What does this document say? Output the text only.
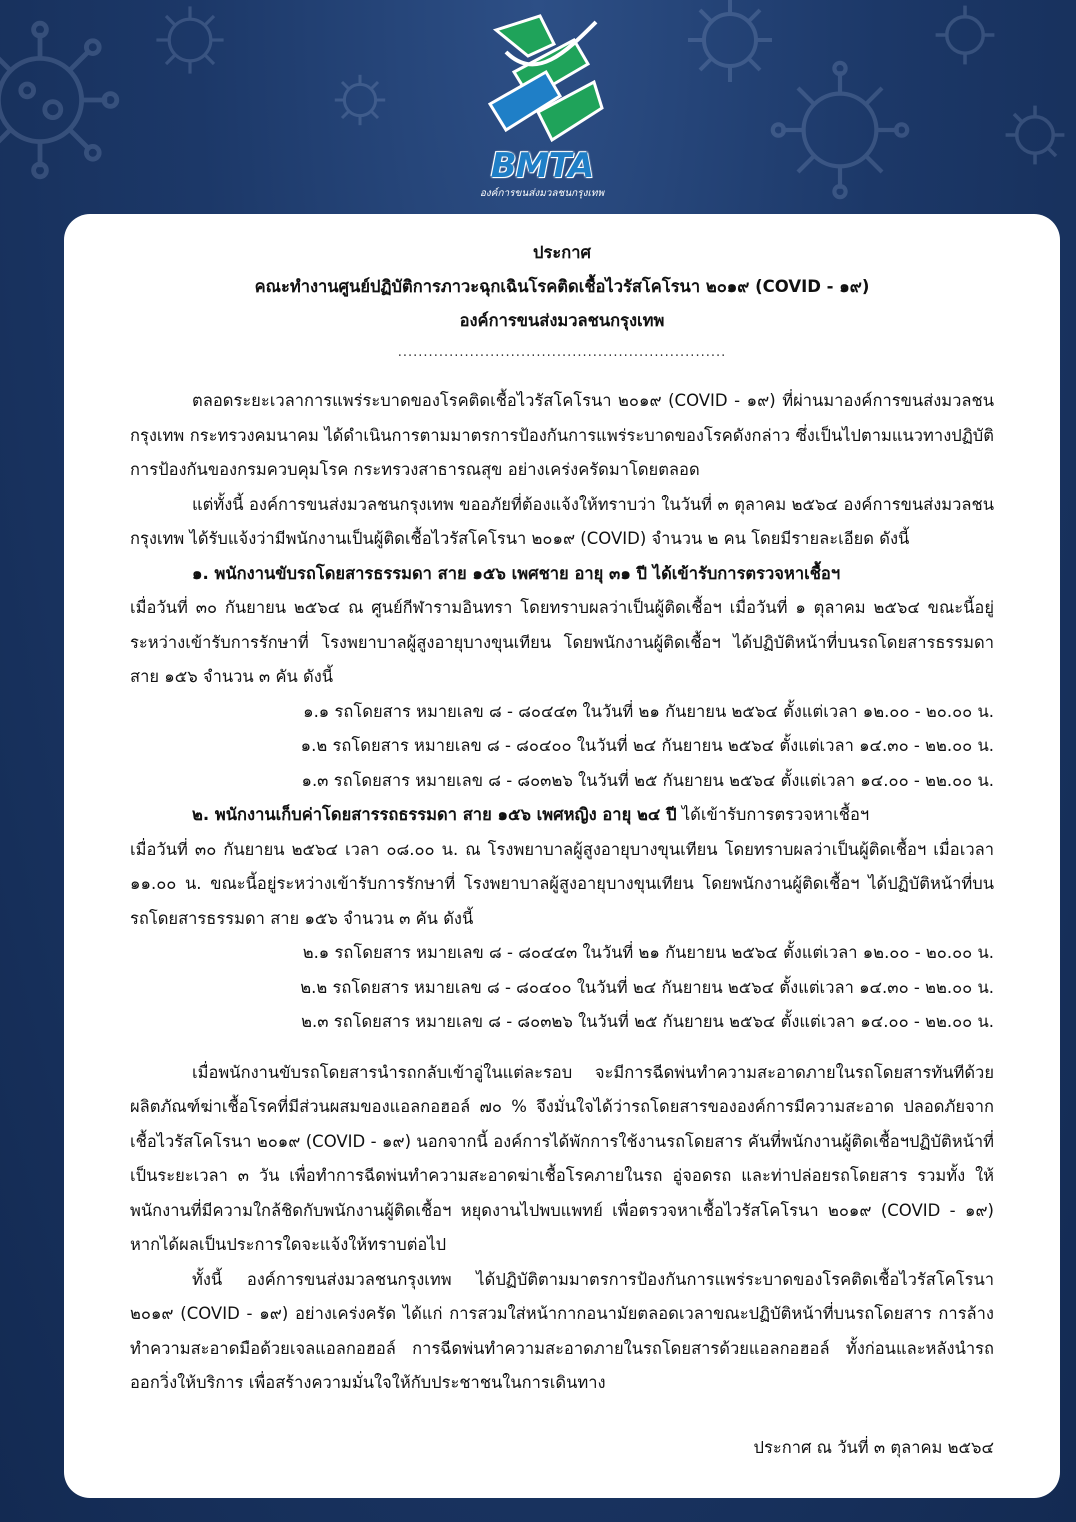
BMTA
องค์การขนส่งมวลชนกรุงเทพ
ประกาศ
คณะทำงานศูนย์ปฏิบัติการภาวะฉุกเฉินโรคติดเชื้อไวรัสโคโรนา ๒๐๑๙ (COVID - ๑๙)
องค์การขนส่งมวลชนกรุงเทพ
................................................................

ตลอดระยะเวลาการแพร่ระบาดของโรคติดเชื้อไวรัสโคโรนา ๒๐๑๙ (COVID - ๑๙) ที่ผ่านมาองค์การขนส่งมวลชนกรุงเทพ กระทรวงคมนาคม ได้ดำเนินการตามมาตรการป้องกันการแพร่ระบาดของโรคดังกล่าว ซึ่งเป็นไปตามแนวทางปฏิบัติการป้องกันของกรมควบคุมโรค กระทรวงสาธารณสุข อย่างเคร่งครัดมาโดยตลอด

แต่ทั้งนี้ องค์การขนส่งมวลชนกรุงเทพ ขออภัยที่ต้องแจ้งให้ทราบว่า ในวันที่ ๓ ตุลาคม ๒๕๖๔ องค์การขนส่งมวลชนกรุงเทพ ได้รับแจ้งว่ามีพนักงานเป็นผู้ติดเชื้อไวรัสโคโรนา ๒๐๑๙ (COVID) จำนวน ๒ คน โดยมีรายละเอียด ดังนี้

๑. พนักงานขับรถโดยสารธรรมดา สาย ๑๕๖ เพศชาย อายุ ๓๑ ปี ได้เข้ารับการตรวจหาเชื้อฯ

เมื่อวันที่ ๓๐ กันยายน ๒๕๖๔ ณ ศูนย์กีฬารามอินทรา โดยทราบผลว่าเป็นผู้ติดเชื้อฯ เมื่อวันที่ ๑ ตุลาคม ๒๕๖๔ ขณะนี้อยู่ระหว่างเข้ารับการรักษาที่ โรงพยาบาลผู้สูงอายุบางขุนเทียน โดยพนักงานผู้ติดเชื้อฯ ได้ปฏิบัติหน้าที่บนรถโดยสารธรรมดา สาย ๑๕๖ จำนวน ๓ คัน ดังนี้

๑.๑ รถโดยสาร หมายเลข ๘ - ๘๐๔๔๓ ในวันที่ ๒๑ กันยายน ๒๕๖๔ ตั้งแต่เวลา ๑๒.๐๐ - ๒๐.๐๐ น.
๑.๒ รถโดยสาร หมายเลข ๘ - ๘๐๔๐๐ ในวันที่ ๒๔ กันยายน ๒๕๖๔ ตั้งแต่เวลา ๑๔.๓๐ - ๒๒.๐๐ น.
๑.๓ รถโดยสาร หมายเลข ๘ - ๘๐๓๒๖ ในวันที่ ๒๕ กันยายน ๒๕๖๔ ตั้งแต่เวลา ๑๔.๐๐ - ๒๒.๐๐ น.

๒. พนักงานเก็บค่าโดยสารรถธรรมดา สาย ๑๕๖ เพศหญิง อายุ ๒๔ ปี ได้เข้ารับการตรวจหาเชื้อฯ

เมื่อวันที่ ๓๐ กันยายน ๒๕๖๔ เวลา ๐๘.๐๐ น. ณ โรงพยาบาลผู้สูงอายุบางขุนเทียน โดยทราบผลว่าเป็นผู้ติดเชื้อฯ เมื่อเวลา ๑๑.๐๐ น. ขณะนี้อยู่ระหว่างเข้ารับการรักษาที่ โรงพยาบาลผู้สูงอายุบางขุนเทียน โดยพนักงานผู้ติดเชื้อฯ ได้ปฏิบัติหน้าที่บนรถโดยสารธรรมดา สาย ๑๕๖ จำนวน ๓ คัน ดังนี้

๒.๑ รถโดยสาร หมายเลข ๘ - ๘๐๔๔๓ ในวันที่ ๒๑ กันยายน ๒๕๖๔ ตั้งแต่เวลา ๑๒.๐๐ - ๒๐.๐๐ น.
๒.๒ รถโดยสาร หมายเลข ๘ - ๘๐๔๐๐ ในวันที่ ๒๔ กันยายน ๒๕๖๔ ตั้งแต่เวลา ๑๔.๓๐ - ๒๒.๐๐ น.
๒.๓ รถโดยสาร หมายเลข ๘ - ๘๐๓๒๖ ในวันที่ ๒๕ กันยายน ๒๕๖๔ ตั้งแต่เวลา ๑๔.๐๐ - ๒๒.๐๐ น.

เมื่อพนักงานขับรถโดยสารนำรถกลับเข้าอู่ในแต่ละรอบ จะมีการฉีดพ่นทำความสะอาดภายในรถโดยสารทันทีด้วยผลิตภัณฑ์ฆ่าเชื้อโรคที่มีส่วนผสมของแอลกอฮอล์ ๗๐ % จึงมั่นใจได้ว่ารถโดยสารขององค์การมีความสะอาด ปลอดภัยจากเชื้อไวรัสโคโรนา ๒๐๑๙ (COVID - ๑๙) นอกจากนี้ องค์การได้พักการใช้งานรถโดยสาร คันที่พนักงานผู้ติดเชื้อฯปฏิบัติหน้าที่ เป็นระยะเวลา ๓ วัน เพื่อทำการฉีดพ่นทำความสะอาดฆ่าเชื้อโรคภายในรถ อู่จอดรถ และท่าปล่อยรถโดยสาร รวมทั้ง ให้พนักงานที่มีความใกล้ชิดกับพนักงานผู้ติดเชื้อฯ หยุดงานไปพบแพทย์ เพื่อตรวจหาเชื้อไวรัสโคโรนา ๒๐๑๙ (COVID - ๑๙) หากได้ผลเป็นประการใดจะแจ้งให้ทราบต่อไป

ทั้งนี้ องค์การขนส่งมวลชนกรุงเทพ ได้ปฏิบัติตามมาตรการป้องกันการแพร่ระบาดของโรคติดเชื้อไวรัสโคโรนา ๒๐๑๙ (COVID - ๑๙) อย่างเคร่งครัด ได้แก่ การสวมใส่หน้ากากอนามัยตลอดเวลาขณะปฏิบัติหน้าที่บนรถโดยสาร การล้างทำความสะอาดมือด้วยเจลแอลกอฮอล์ การฉีดพ่นทำความสะอาดภายในรถโดยสารด้วยแอลกอฮอล์ ทั้งก่อนและหลังนำรถออกวิ่งให้บริการ เพื่อสร้างความมั่นใจให้กับประชาชนในการเดินทาง

ประกาศ ณ วันที่ ๓ ตุลาคม ๒๕๖๔
